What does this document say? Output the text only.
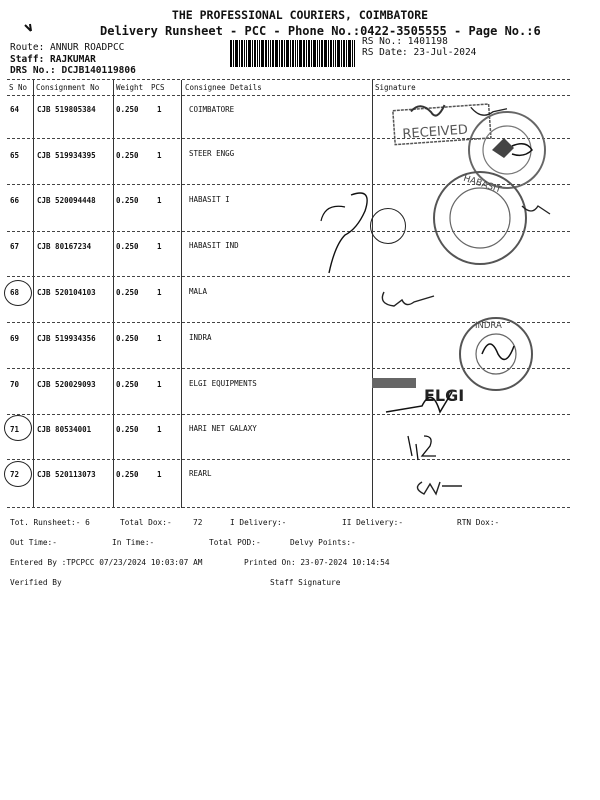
THE PROFESSIONAL COURIERS, COIMBATORE
Delivery Runsheet - PCC - Phone No.:0422-3505555 - Page No.:6
Route: ANNUR ROADPCC
Staff: RAJKUMAR
DRS No.: DCJB140119806
RS No.: 1401198
RS Date: 23-Jul-2024
S No Consignment No Weight PCS	Consignee Details	Signature
64 CJB 519805384	0.250 1	COIMBATORE
65 CJB 519934395	0.250 1	STEER ENGG
66 CJB 520094448	0.250 1	HABASIT I
67 CJB 80167234	0.250 1	HABASIT IND
68 CJB 520104103	0.250 1	MALA
69 CJB 519934356	0.250 1	INDRA
70 CJB 520029093	0.250 1	ELGI EQUIPMENTS
71 CJB 80534001	0.250 1	HARI NET GALAXY
72 CJB 520113073	0.250 1	REARL
RECEIVED
HABASIT
INDRA
ELGI
Tot. Runsheet:- 6	Total Dox:-	72	I Delivery:-	II Delivery:-	RTN Dox:-
Out Time:-	In Time:-	Total POD:-	Delvy Points:-
Entered By :TPCPCC 07/23/2024 10:03:07 AM	Printed On: 23-07-2024 10:14:54
Verified By	Staff Signature
